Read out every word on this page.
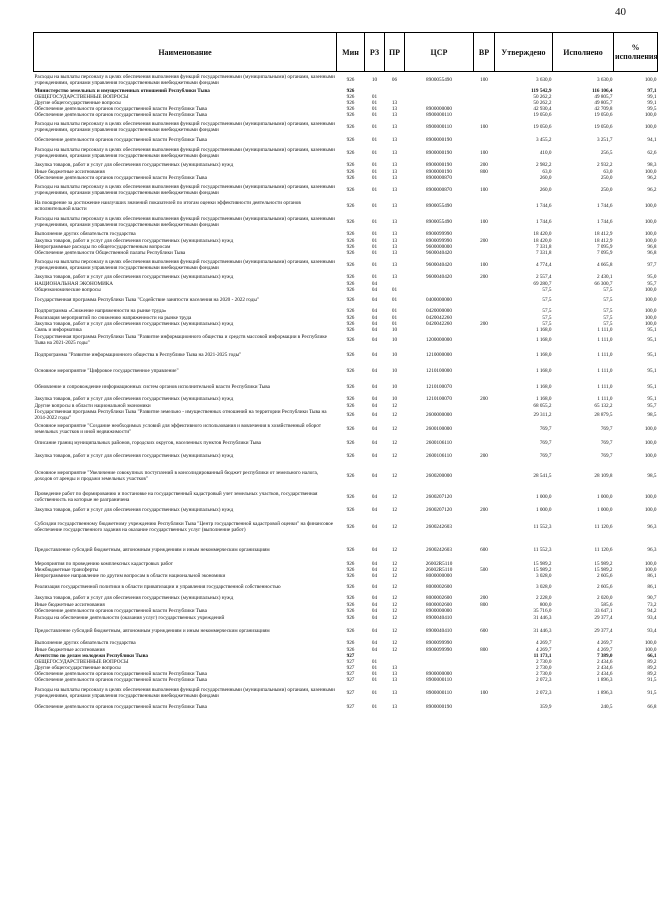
40
Наименование	Мин	РЗ	ПР	ЦСР	ВР	Утверждено	Исполнено	% исполнения
Расходы на выплаты персоналу в целях обеспечения выполнения функций государственными (муниципальными) органами, казенными учреждениями, органами управления государственными внебюджетными фондами	926	10	06	8900055490	100	3 630,0	3 630,0	100,0
Министерство земельных и имущественных отношений Республики Тыва	926					119 542,9	116 106,4	97,1
ОБЩЕГОСУДАРСТВЕННЫЕ ВОПРОСЫ	926	01				50 262,2	49 805,7	99,1
Другие общегосударственные вопросы	926	01	13			50 262,2	49 805,7	99,1
Обеспечение деятельности органов государственной власти Республики Тыва	926	01	13	8900000000		42 930,4	42 709,8	99,5
Обеспечение деятельности органов государственной власти Республики Тыва	926	01	13	8900000110		19 050,6	19 050,6	100,0
Расходы на выплаты персоналу в целях обеспечения выполнения функций государственными (муниципальными) органами, казенными учреждениями, органами управления государственными внебюджетными фондами	926	01	13	8900000110	100	19 050,6	19 050,6	100,0
Обеспечение деятельности органов государственной власти Республики Тыва	926	01	13	8900000190		3 455,2	3 251,7	94,1
Расходы на выплаты персоналу в целях обеспечения выполнения функций государственными (муниципальными) органами, казенными учреждениями, органами управления государственными внебюджетными фондами	926	01	13	8900000190	100	410,0	256,5	62,6
Закупка товаров, работ и услуг для обеспечения государственных (муниципальных) нужд	926	01	13	8900000190	200	2 982,2	2 932,2	98,3
Иные бюджетные ассигнования	926	01	13	8900000190	800	63,0	63,0	100,0
Обеспечение деятельности органов государственной власти Республики Тыва	926	01	13	8900000870		260,0	250,0	96,2
Расходы на выплаты персоналу в целях обеспечения выполнения функций государственными (муниципальными) органами, казенными учреждениями, органами управления государственными внебюджетными фондами	926	01	13	8900000870	100	260,0	250,0	96,2
На поощрение за достижение наилучших значений показателей по итогам оценки эффективности деятельности органов исполнительной власти	926	01	13	8900055490		1 744,6	1 744,6	100,0
Расходы на выплаты персоналу в целях обеспечения выполнения функций государственными (муниципальными) органами, казенными учреждениями, органами управления государственными внебюджетными фондами	926	01	13	8900055490	100	1 744,6	1 744,6	100,0
Выполнение других обязательств государства	926	01	13	8900099990		18 420,0	18 412,9	100,0
Закупка товаров, работ и услуг для обеспечения государственных (муниципальных) нужд	926	01	13	8900099990	200	18 420,0	18 412,9	100,0
Непрограммные расходы по общегосударственным вопросам	926	01	13	9600000000		7 331,8	7 095,9	96,8
Обеспечение деятельности Общественной палаты Республики Тыва	926	01	13	9600040420		7 331,8	7 095,9	96,8
Расходы на выплаты персоналу в целях обеспечения выполнения функций государственными (муниципальными) органами, казенными учреждениями, органами управления государственными внебюджетными фондами	926	01	13	9600040420	100	4 774,4	4 665,8	97,7
Закупка товаров, работ и услуг для обеспечения государственных (муниципальных) нужд	926	01	13	9600040420	200	2 557,4	2 430,1	95,0
НАЦИОНАЛЬНАЯ ЭКОНОМИКА	926	04				69 280,7	66 300,7	95,7
Общеэкономические вопросы	926	04	01			57,5	57,5	100,0
Государственная программа Республики Тыва "Содействие занятости населения на 2020 - 2022 годы"	926	04	01	0400000000		57,5	57,5	100,0
Подпрограмма «Снижение напряженности на рынке труда»	926	04	01	0420000000		57,5	57,5	100,0
Реализация мероприятий по снижению напряженности на рынке труда	926	04	01	0420042260		57,5	57,5	100,0
Закупка товаров, работ и услуг для обеспечения государственных (муниципальных) нужд	926	04	01	0420042260	200	57,5	57,5	100,0
Связь и информатика	926	04	10			1 168,0	1 111,0	95,1
Государственная программа Республики Тыва "Развитие информационного общества и средств массовой информации в Республике Тыва на 2021-2025 годы"	926	04	10	1200000000		1 168,0	1 111,0	95,1
Подпрограмма "Развитие информационного общества в Республике Тыва на 2021-2025 годы"	926	04	10	1210000000		1 168,0	1 111,0	95,1
Основное мероприятие "Цифровое государственное управление"	926	04	10	1210100000		1 168,0	1 111,0	95,1
Обновление и сопровождение информационных систем органов исполнительной власти Республики Тыва	926	04	10	1210100070		1 168,0	1 111,0	95,1
Закупка товаров, работ и услуг для обеспечения государственных (муниципальных) нужд	926	04	10	1210100070	200	1 168,0	1 111,0	95,1
Другие вопросы в области национальной экономики	926	04	12			68 055,2	65 132,2	95,7
Государственная программа Республики Тыва "Развитие земельно - имущественных отношений на территории Республики Тыва на 2014-2022 годы"	926	04	12	2600000000		29 311,2	28 879,5	98,5
Основное мероприятие "Создание необходимых условий для эффективного использования и вовлечения в хозяйственный оборот земельных участков и иной недвижимости"	926	04	12	2600100000		769,7	769,7	100,0
Описание границ муниципальных районов, городских округов, населенных пунктов Республики Тыва	926	04	12	2600106110		769,7	769,7	100,0
Закупка товаров, работ и услуг для обеспечения государственных (муниципальных) нужд	926	04	12	2600106110	200	769,7	769,7	100,0
Основное мероприятие "Увеличение совокупных поступлений в консолидированный бюджет республики от земельного налога, доходов от аренды и продажи земельных участков"	926	04	12	2600200000		28 541,5	28 109,8	98,5
Проведение работ по формированию и постановке на государственный кадастровый учет земельных участков, государственная собственность на которые не разграничена	926	04	12	2600207120		1 000,0	1 000,0	100,0
Закупка товаров, работ и услуг для обеспечения государственных (муниципальных) нужд	926	04	12	2600207120	200	1 000,0	1 000,0	100,0
Субсидии государственному бюджетному учреждению Республики Тыва "Центр государственной кадастровой оценки" на финансовое обеспечение государственного задания на оказание государственных услуг (выполнение работ)	926	04	12	2600242603		11 552,3	11 120,6	96,3
Предоставление субсидий бюджетным, автономным учреждениям и иным некоммерческим организациям	926	04	12	2600242603	600	11 552,3	11 120,6	96,3
Мероприятия по проведению комплексных кадастровых работ	926	04	12	26002R5110		15 989,2	15 989,2	100,0
Межбюджетные трансферты	926	04	12	26002R5110	500	15 989,2	15 989,2	100,0
Непрограммное направление по другим вопросам в области национальной экономики	926	04	12	8000000000		3 028,0	2 605,6	86,1
Реализация государственной политики в области приватизации и управления государственной собственностью	926	04	12	8000002600		3 028,0	2 605,6	86,1
Закупка товаров, работ и услуг для обеспечения государственных (муниципальных) нужд	926	04	12	8000002600	200	2 228,0	2 020,0	90,7
Иные бюджетные ассигнования	926	04	12	8000002600	800	800,0	585,6	73,2
Обеспечение деятельности органов государственной власти Республики Тыва	926	04	12	8900000000		35 716,0	33 647,1	94,2
Расходы на обеспечение деятельности (оказания услуг) государственных учреждений	926	04	12	8900040410		31 446,3	29 377,4	93,4
Предоставление субсидий бюджетным, автономным учреждениям и иным некоммерческим организациям	926	04	12	8900040410	600	31 446,3	29 377,4	93,4
Выполнение других обязательств государства	926	04	12	8900099990		4 269,7	4 269,7	100,0
Иные бюджетные ассигнования	926	04	12	8900099990	800	4 269,7	4 269,7	100,0
Агентство по делам молодежи Республики Тыва	927					11 173,1	7 389,0	66,1
ОБЩЕГОСУДАРСТВЕННЫЕ ВОПРОСЫ	927	01				2 730,0	2 434,6	89,2
Другие общегосударственные вопросы	927	01	13			2 730,0	2 434,6	89,2
Обеспечение деятельности органов государственной власти Республики Тыва	927	01	13	8900000000		2 730,0	2 434,6	89,2
Обеспечение деятельности органов государственной власти Республики Тыва	927	01	13	8900000110		2 072,3	1 896,3	91,5
Расходы на выплаты персоналу в целях обеспечения выполнения функций государственными (муниципальными) органами, казенными учреждениями, органами управления государственными внебюджетными фондами	927	01	13	8900000110	100	2 072,3	1 896,3	91,5
Обеспечение деятельности органов государственной власти Республики Тыва	927	01	13	8900000190		359,9	240,5	66,8
